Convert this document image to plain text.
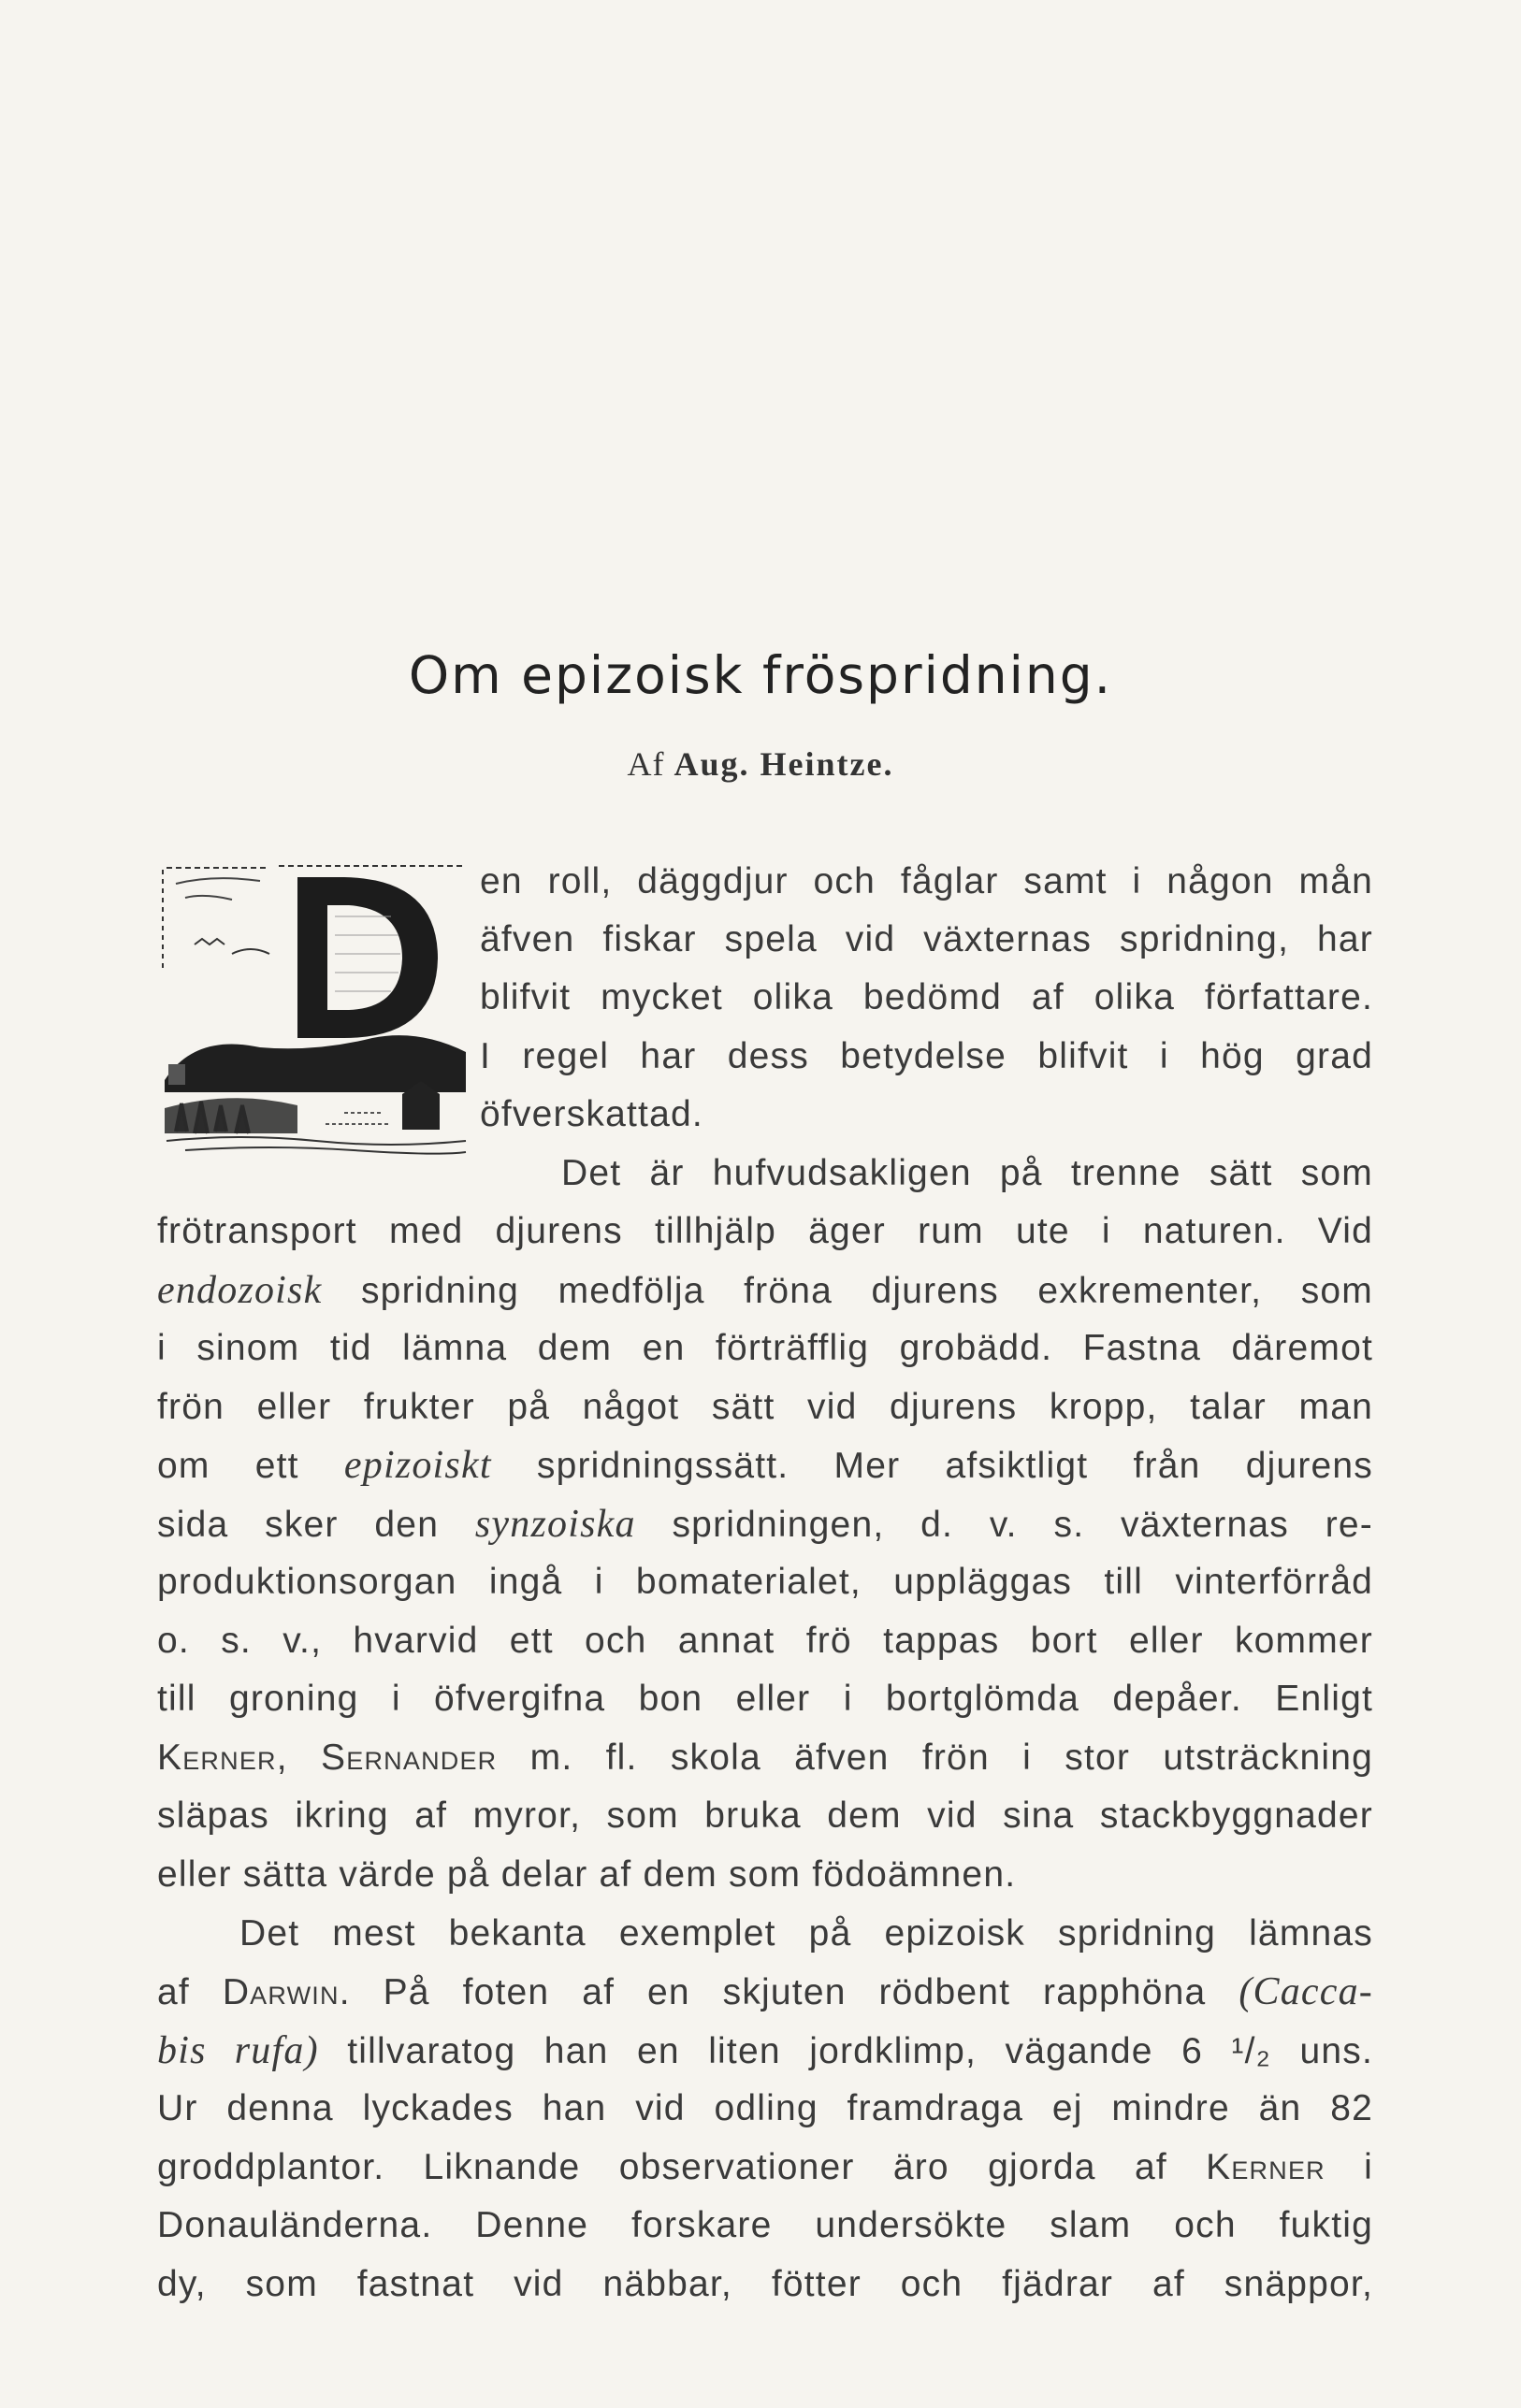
Om epizoisk fröspridning.
Af Aug. Heintze.
en roll, däggdjur och fåglar samt i någon mån
äfven fiskar spela vid växternas spridning, har
blifvit mycket olika bedömd af olika författare.
I regel har dess betydelse blifvit i hög grad
öfverskattad.
Det är hufvudsakligen på trenne sätt som
frötransport med djurens tillhjälp äger rum ute i naturen. Vid
endozoisk spridning medfölja fröna djurens exkrementer, som
i sinom tid lämna dem en förträfflig grobädd. Fastna däremot
frön eller frukter på något sätt vid djurens kropp, talar man
om ett epizoiskt spridningssätt. Mer afsiktligt från djurens
sida sker den synzoiska spridningen, d. v. s. växternas re-
produktionsorgan ingå i bomaterialet, uppläggas till vinterförråd
o. s. v., hvarvid ett och annat frö tappas bort eller kommer
till groning i öfvergifna bon eller i bortglömda depåer. Enligt
Kerner, Sernander m. fl. skola äfven frön i stor utsträckning
släpas ikring af myror, som bruka dem vid sina stackbyggnader
eller sätta värde på delar af dem som födoämnen.
Det mest bekanta exemplet på epizoisk spridning lämnas
af Darwin. På foten af en skjuten rödbent rapphöna (Cacca-
bis rufa) tillvaratog han en liten jordklimp, vägande 6 ¹/₂ uns.
Ur denna lyckades han vid odling framdraga ej mindre än 82
groddplantor. Liknande observationer äro gjorda af Kerner i
Donauländerna. Denne forskare undersökte slam och fuktig
dy, som fastnat vid näbbar, fötter och fjädrar af snäppor,
